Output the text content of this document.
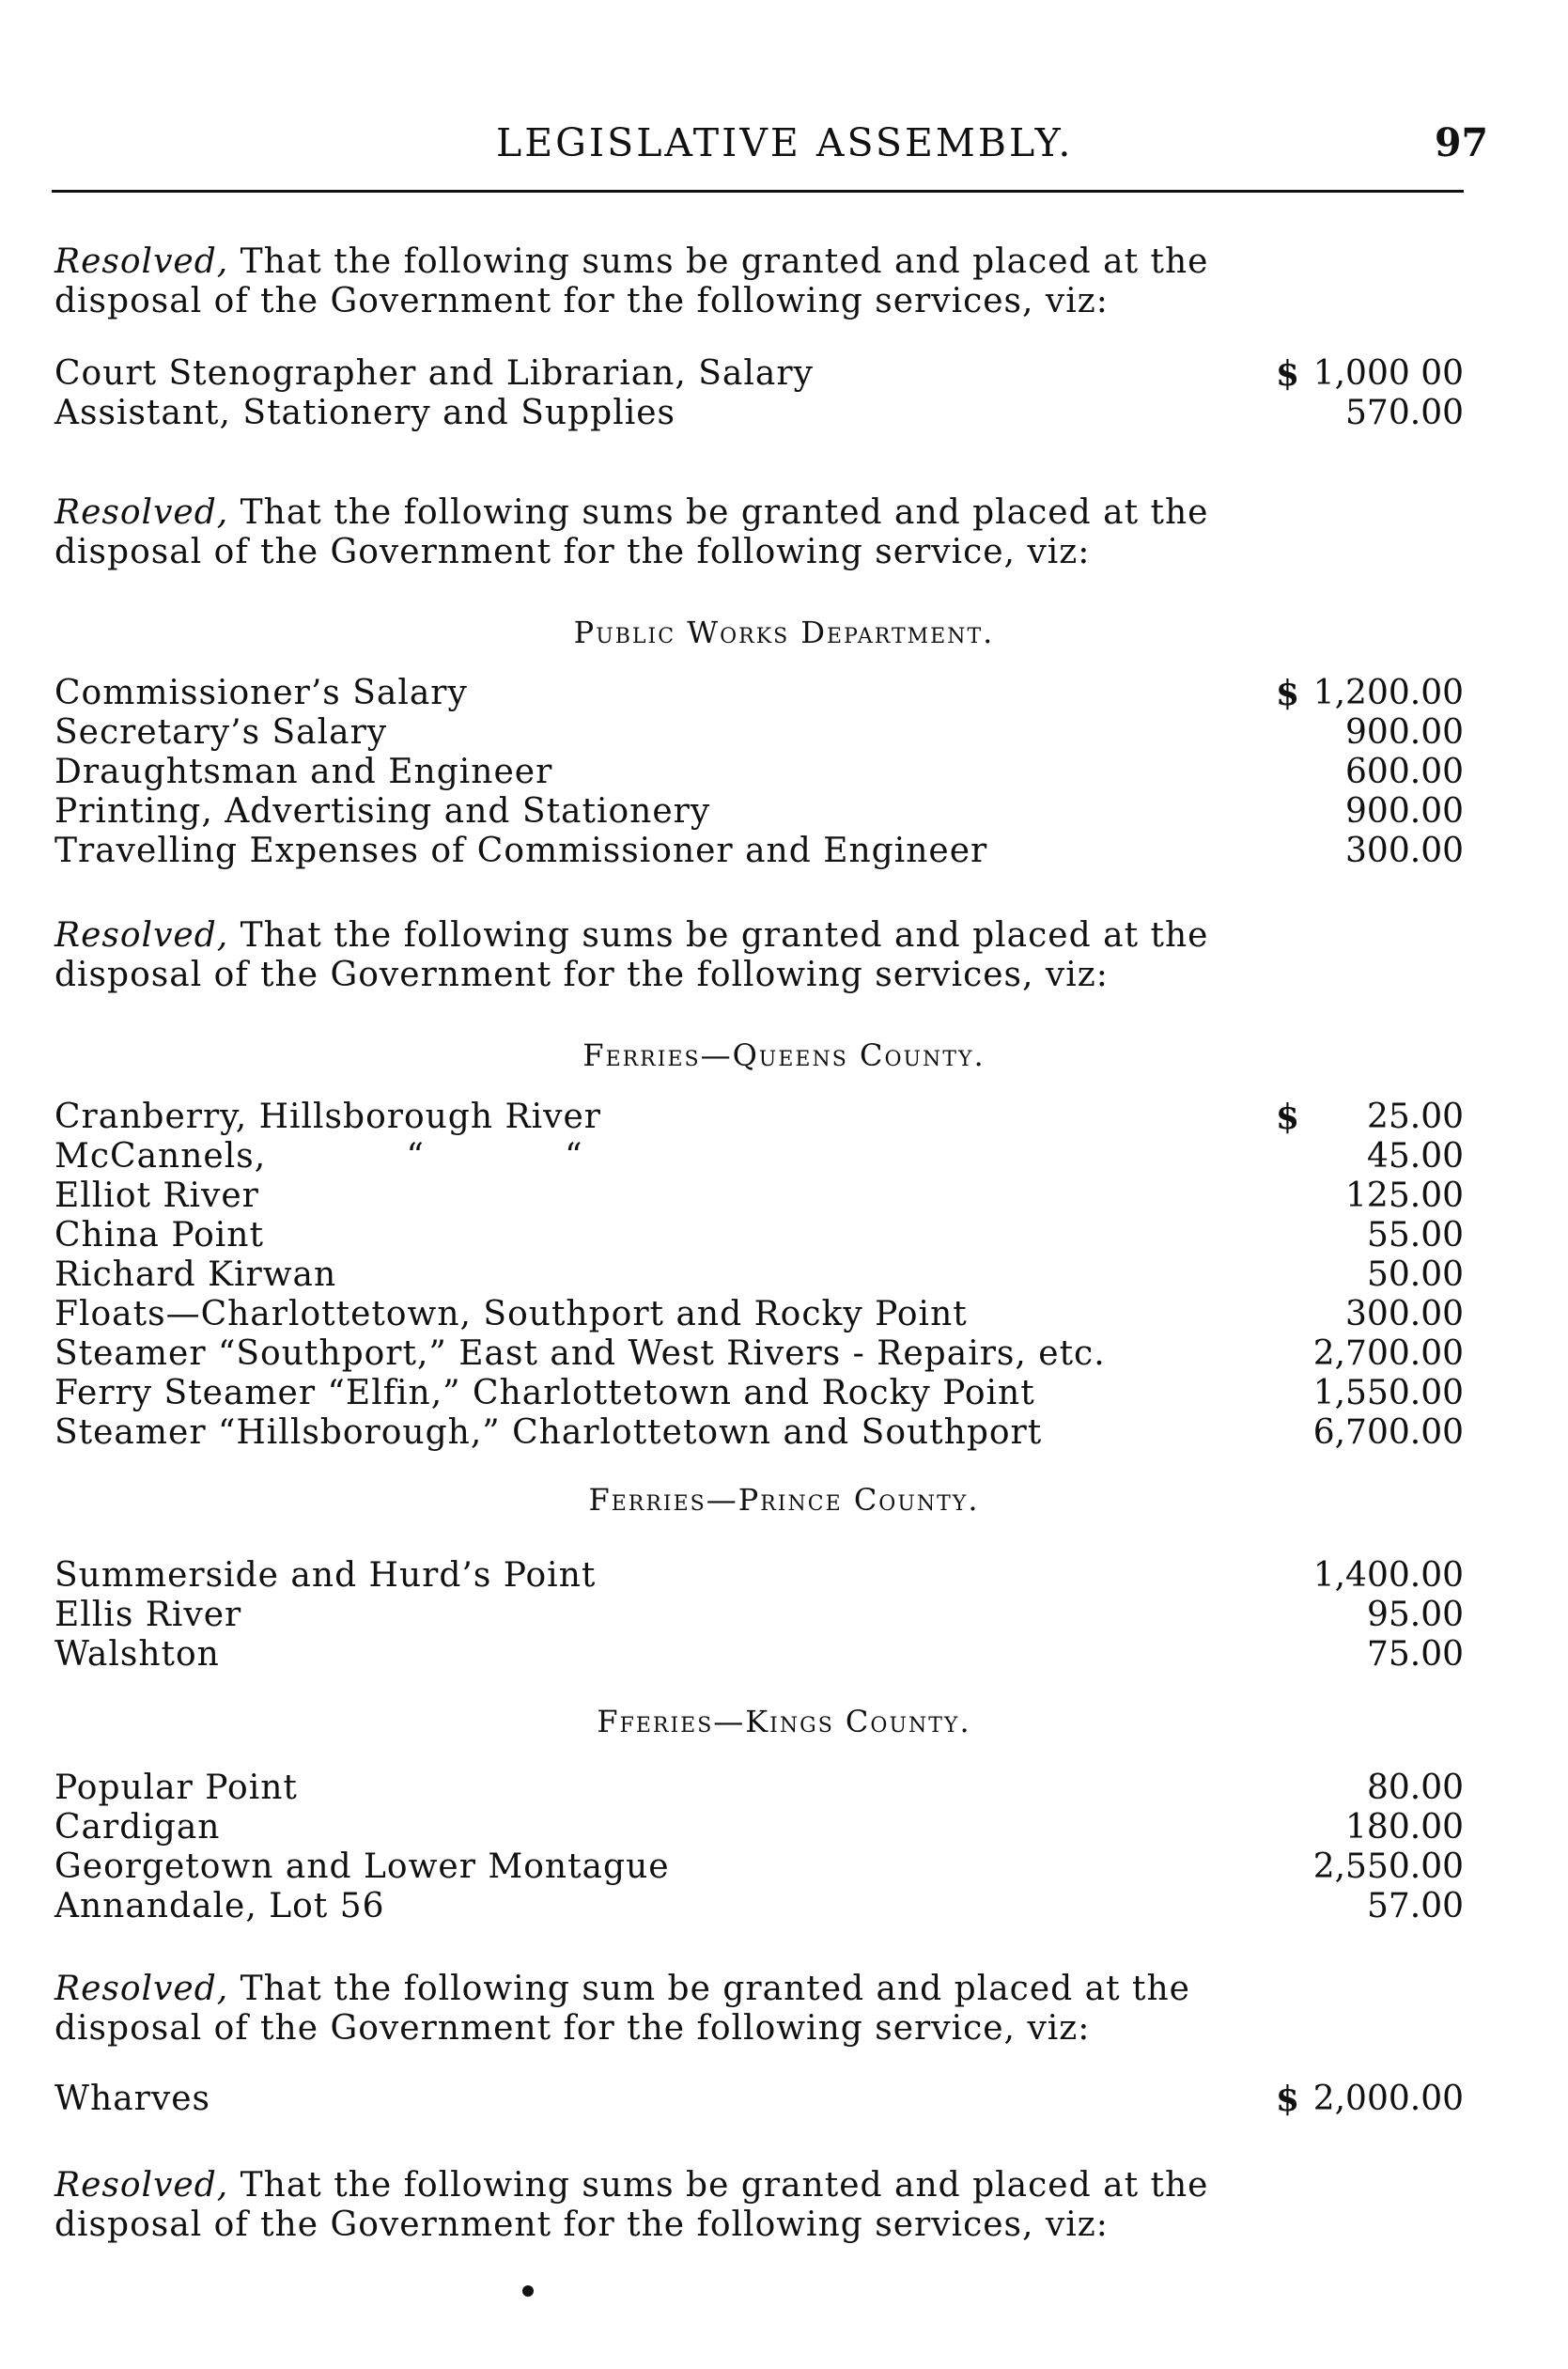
LEGISLATIVE ASSEMBLY.	97
Resolved, That the following sums be granted and placed at the
disposal of the Government for the following services, viz:
Court Stenographer and Librarian, Salary	$ 1,000 00
Assistant, Stationery and Supplies	570.00
Resolved, That the following sums be granted and placed at the
disposal of the Government for the following service, viz:
Public Works Department.
Commissioner’s Salary	$ 1,200.00
Secretary’s Salary	900.00
Draughtsman and Engineer	600.00
Printing, Advertising and Stationery	900.00
Travelling Expenses of Commissioner and Engineer	300.00
Resolved, That the following sums be granted and placed at the
disposal of the Government for the following services, viz:
Ferries—Queens County.
Cranberry, Hillsborough River	$ 25.00
McCannels,            “            “	45.00
Elliot River	125.00
China Point	55.00
Richard Kirwan	50.00
Floats—Charlottetown, Southport and Rocky Point	300.00
Steamer “Southport,” East and West Rivers - Repairs, etc.	2,700.00
Ferry Steamer “Elfin,” Charlottetown and Rocky Point	1,550.00
Steamer “Hillsborough,” Charlottetown and Southport	6,700.00
Ferries—Prince County.
Summerside and Hurd’s Point	1,400.00
Ellis River	95.00
Walshton	75.00
Fferies—Kings County.
Popular Point	80.00
Cardigan	180.00
Georgetown and Lower Montague	2,550.00
Annandale, Lot 56	57.00
Resolved, That the following sum be granted and placed at the
disposal of the Government for the following service, viz:
Wharves	$ 2,000.00
Resolved, That the following sums be granted and placed at the
disposal of the Government for the following services, viz:
